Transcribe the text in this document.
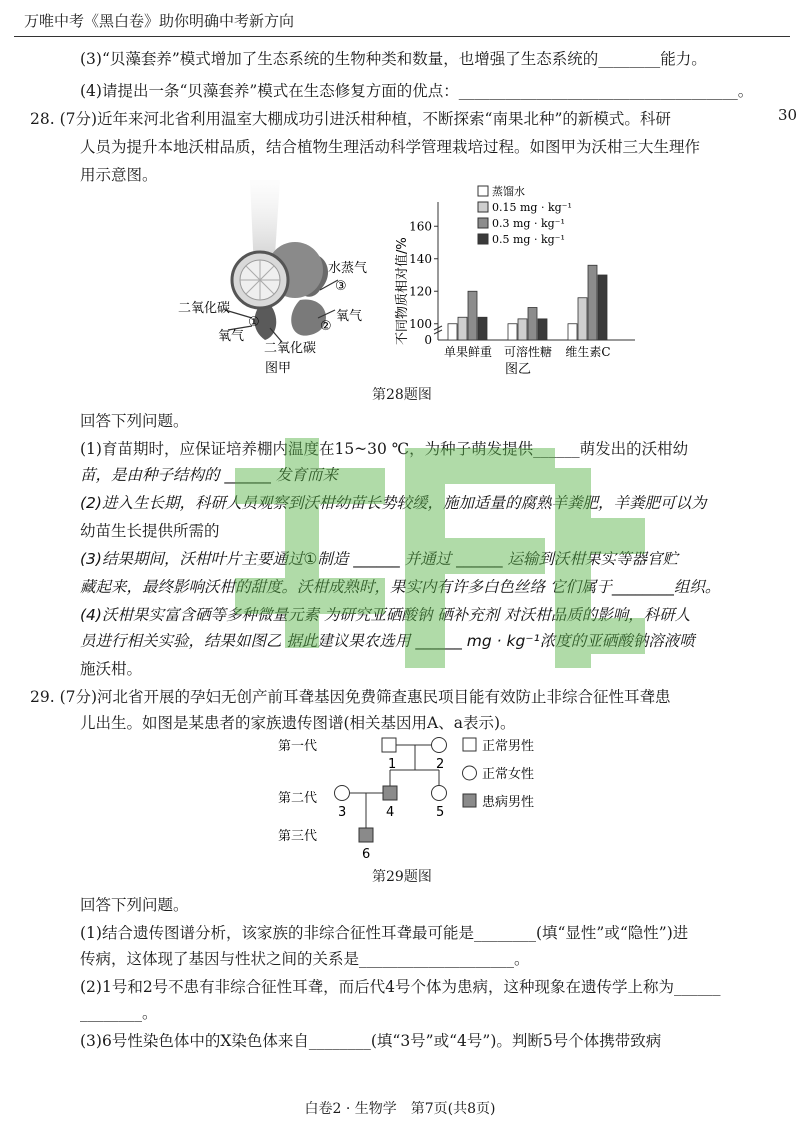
万唯中考《黑白卷》助你明确中考新方向
30
(3)“贝藻套养”模式增加了生态系统的生物种类和数量，也增强了生态系统的________能力。
(4)请提出一条“贝藻套养”模式在生态修复方面的优点：____________________________________。
28. (7分)近年来河北省利用温室大棚成功引进沃柑种植，不断探索“南果北种”的新模式。科研
人员为提升本地沃柑品质，结合植物生理活动科学管理栽培过程。如图甲为沃柑三大生理作
用示意图。
水蒸气
③
二氧化碳
①
氧气
二氧化碳
②
氧气
图甲
100
120
140
160
0
单果鲜重 可溶性糖 维生素C
蒸馏水
0.15 mg · kg⁻¹
0.3 mg · kg⁻¹
0.5 mg · kg⁻¹
不同物质相对值/%
图乙
第28题图
回答下列问题。
(1)育苗期时，应保证培养棚内温度在15~30 ℃，为种子萌发提供______萌发出的沃柑幼
苗，是由种子结构的 ______ 发育而来
(2)进入生长期，科研人员观察到沃柑幼苗长势较缓，施加适量的腐熟羊粪肥，羊粪肥可以为
幼苗生长提供所需的
(3)结果期间，沃柑叶片主要通过①制造 ______ 并通过 ______ 运输到沃柑果实等器官贮
藏起来，最终影响沃柑的甜度。沃柑成熟时，果实内有许多白色丝络 它们属于________组织。
(4)沃柑果实富含硒等多种微量元素 为研究亚硒酸钠 硒补充剂 对沃柑品质的影响，科研人
员进行相关实验，结果如图乙 据此建议果农选用 ______ mg · kg⁻¹浓度的亚硒酸钠溶液喷
施沃柑。
29. (7分)河北省开展的孕妇无创产前耳聋基因免费筛查惠民项目能有效防止非综合征性耳聋患
儿出生。如图是某患者的家族遗传图谱(相关基因用A、a表示)。
第一代
第二代
第三代
1	2
3	4	5
6
正常男性
正常女性
患病男性
第29题图
回答下列问题。
(1)结合遗传图谱分析，该家族的非综合征性耳聋最可能是________(填“显性”或“隐性”)进
传病，这体现了基因与性状之间的关系是____________________。
(2)1号和2号不患有非综合征性耳聋，而后代4号个体为患病，这种现象在遗传学上称为______
________。
(3)6号性染色体中的X染色体来自________(填“3号”或“4号”)。判断5号个体携带致病
白卷2 · 生物学　第7页(共8页)
